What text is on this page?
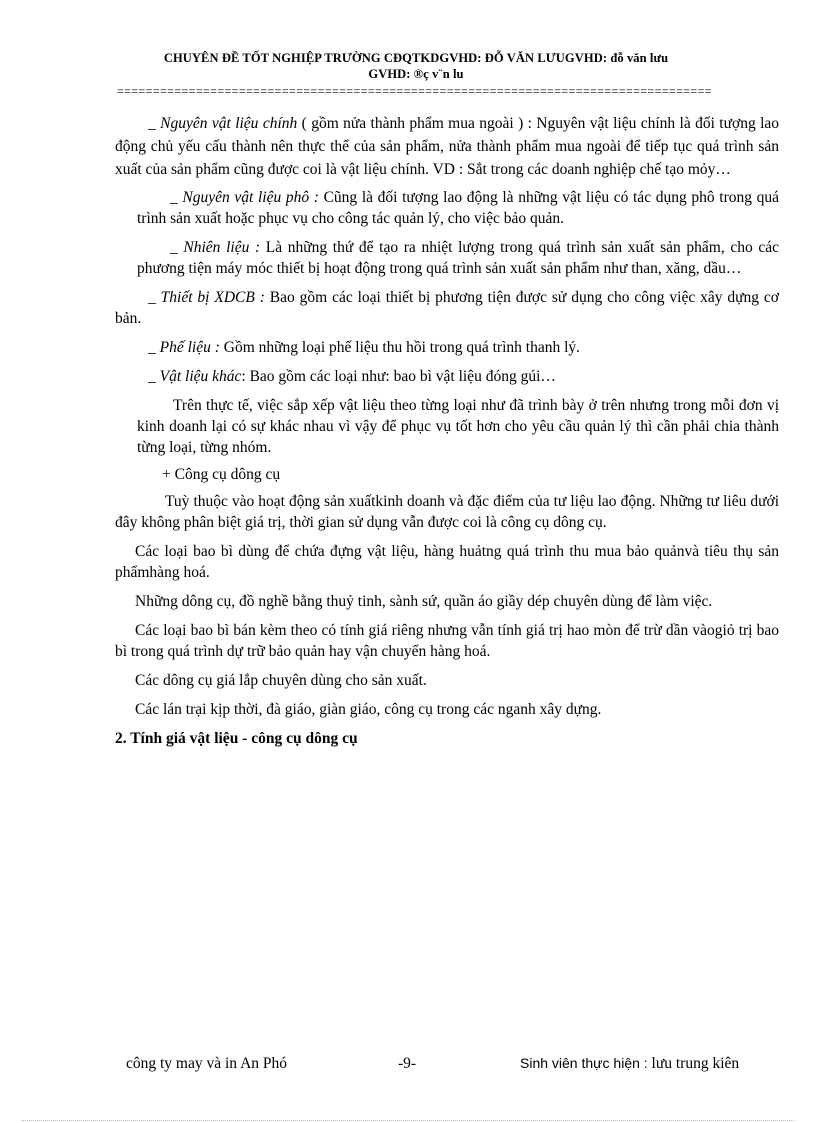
CHUYÊN ĐỀ TỐT NGHIỆP TRƯỜNG CĐQTKDGVHD: ĐỖ VĂN LƯUGVHD: đỗ văn lưu
GVHD: ®ç v¨n lu
===================================================================================

_ Nguyên vật liệu chính ( gồm nửa thành phẩm mua ngoài ) : Nguyên vật liệu chính là đối tượng lao động chủ yếu cấu thành nên thực thể của sản phẩm, nửa thành phẩm mua ngoài để tiếp tục quá trình sản xuất của sản phẩm cũng được coi là vật liệu chính. VD : Sắt trong các doanh nghiệp chế tạo mỏy…

_ Nguyên vật liệu phô : Cũng là đối tượng lao động là những vật liệu có tác dụng phô trong quá trình sản xuất hoặc phục vụ cho công tác quản lý, cho việc bảo quản.

_ Nhiên liệu : Là những thứ để tạo ra nhiệt lượng trong quá trình sản xuất sản phẩm, cho các phương tiện máy móc thiết bị hoạt động trong quá trình sản xuất sản phẩm như than, xăng, dầu…

_ Thiết bị XDCB : Bao gồm các loại thiết bị phương tiện được sử dụng cho công việc xây dựng cơ bản.

_ Phế liệu : Gồm những loại phế liệu thu hồi trong quá trình thanh lý.

_ Vật liệu khác: Bao gồm các loại như: bao bì vật liệu đóng gúi…

Trên thực tế, việc sắp xếp vật liệu theo từng loại như đã trình bày ở trên nhưng trong mỗi đơn vị kinh doanh lại có sự khác nhau vì vậy để phục vụ tốt hơn cho yêu cầu quản lý thì cần phải chia thành từng loại, từng nhóm.

+ Công cụ dông cụ

Tuỳ thuộc vào hoạt động sản xuấtkinh doanh và đặc điểm của tư liệu lao động. Những tư liêu dưới đây không phân biệt giá trị, thời gian sử dụng vẫn được coi là công cụ dông cụ.

Các loại bao bì dùng để chứa đựng vật liệu, hàng huảtng quá trình thu mua bảo quảnvà tiêu thụ sản phẩmhàng hoá.

Những dông cụ, đồ nghề bằng thuỷ tinh, sành sứ, quần áo giầy dép chuyên dùng để làm việc.

Các loại bao bì bán kèm theo có tính giá riêng nhưng vẫn tính giá trị hao mòn để trừ dần vàogiỏ trị bao bì trong quá trình dự trữ bảo quản hay vận chuyển hàng hoá.

Các dông cụ giá lắp chuyên dùng cho sản xuất.

Các lán trại kịp thời, đà giáo, giàn giáo, công cụ trong các nganh xây dựng.

2. Tính giá vật liệu - công cụ dông cụ

công ty may và in An Phó	-9-	Sinh viên thực hiện : lưu trung kiên
